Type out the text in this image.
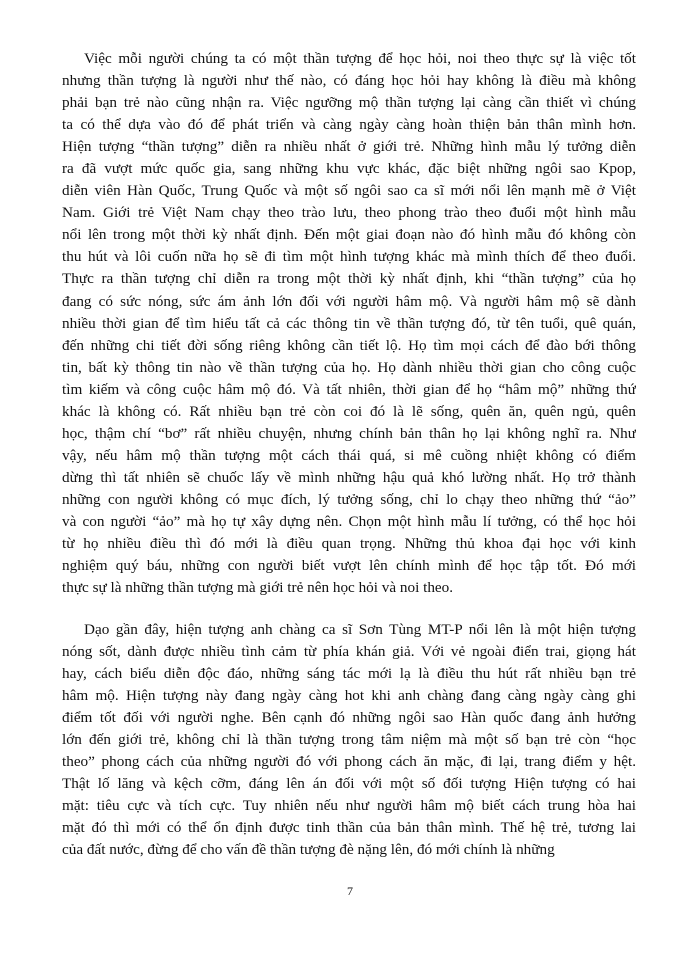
Việc mỗi người chúng ta có một thần tượng để học hỏi, noi theo thực sự là việc tốt
nhưng thần tượng là người như thế nào, có đáng học hỏi hay không là điều mà không
phải bạn trẻ nào cũng nhận ra. Việc ngưỡng mộ thần tượng lại càng cần thiết vì chúng
ta có thể dựa vào đó để phát triển và càng ngày càng hoàn thiện bản thân mình hơn.
Hiện tượng “thần tượng” diễn ra nhiều nhất ở giới trẻ. Những hình mẫu lý tưởng diễn
ra đã vượt mức quốc gia, sang những khu vực khác, đặc biệt những ngôi sao Kpop,
diễn viên Hàn Quốc, Trung Quốc và một số ngôi sao ca sĩ mới nổi lên mạnh mẽ ở Việt
Nam. Giới trẻ Việt Nam chạy theo trào lưu, theo phong trào theo đuổi một hình mẫu
nổi lên trong một thời kỳ nhất định. Đến một giai đoạn nào đó hình mẫu đó không còn
thu hút và lôi cuốn nữa họ sẽ đi tìm một hình tượng khác mà mình thích để theo đuổi.
Thực ra thần tượng chỉ diễn ra trong một thời kỳ nhất định, khi “thần tượng” của họ
đang có sức nóng, sức ám ảnh lớn đối với người hâm mộ. Và người hâm mộ sẽ dành
nhiều thời gian để tìm hiểu tất cả các thông tin về thần tượng đó, từ tên tuổi, quê quán,
đến những chi tiết đời sống riêng không cần tiết lộ. Họ tìm mọi cách để đào bới thông
tin, bất kỳ thông tin nào về thần tượng của họ. Họ dành nhiều thời gian cho công cuộc
tìm kiếm và công cuộc hâm mộ đó. Và tất nhiên, thời gian để họ “hâm mộ” những thứ
khác là không có. Rất nhiều bạn trẻ còn coi đó là lẽ sống, quên ăn, quên ngủ, quên
học, thậm chí “bơ” rất nhiều chuyện, nhưng chính bản thân họ lại không nghĩ ra. Như
vậy, nếu hâm mộ thần tượng một cách thái quá, si mê cuồng nhiệt không có điểm
dừng thì tất nhiên sẽ chuốc lấy về mình những hậu quả khó lường nhất. Họ trở thành
những con người không có mục đích, lý tưởng sống, chỉ lo chạy theo những thứ “ảo”
và con người “ảo” mà họ tự xây dựng nên. Chọn một hình mẫu lí tưởng, có thể học hỏi
từ họ nhiều điều thì đó mới là điều quan trọng. Những thủ khoa đại học với kinh
nghiệm quý báu, những con người biết vượt lên chính mình để học tập tốt. Đó mới
thực sự là những thần tượng mà giới trẻ nên học hỏi và noi theo.
Dạo gần đây, hiện tượng anh chàng ca sĩ Sơn Tùng MT-P nổi lên là một hiện tượng
nóng sốt, dành được nhiều tình cảm từ phía khán giả. Với vẻ ngoài điển trai, giọng hát
hay, cách biểu diễn độc đáo, những sáng tác mới lạ là điều thu hút rất nhiều bạn trẻ
hâm mộ. Hiện tượng này đang ngày càng hot khi anh chàng đang càng ngày càng ghi
điểm tốt đối với người nghe. Bên cạnh đó những ngôi sao Hàn quốc đang ảnh hưởng
lớn đến giới trẻ, không chỉ là thần tượng trong tâm niệm mà một số bạn trẻ còn “học
theo” phong cách của những người đó với phong cách ăn mặc, đi lại, trang điểm y hệt.
Thật lố lăng và kệch cỡm, đáng lên án đối với một số đối tượng Hiện tượng có hai
mặt: tiêu cực và tích cực. Tuy nhiên nếu như người hâm mộ biết cách trung hòa hai
mặt đó thì mới có thể ổn định được tinh thần của bản thân mình. Thế hệ trẻ, tương lai
của đất nước, đừng để cho vấn đề thần tượng đè nặng lên, đó mới chính là những
7
